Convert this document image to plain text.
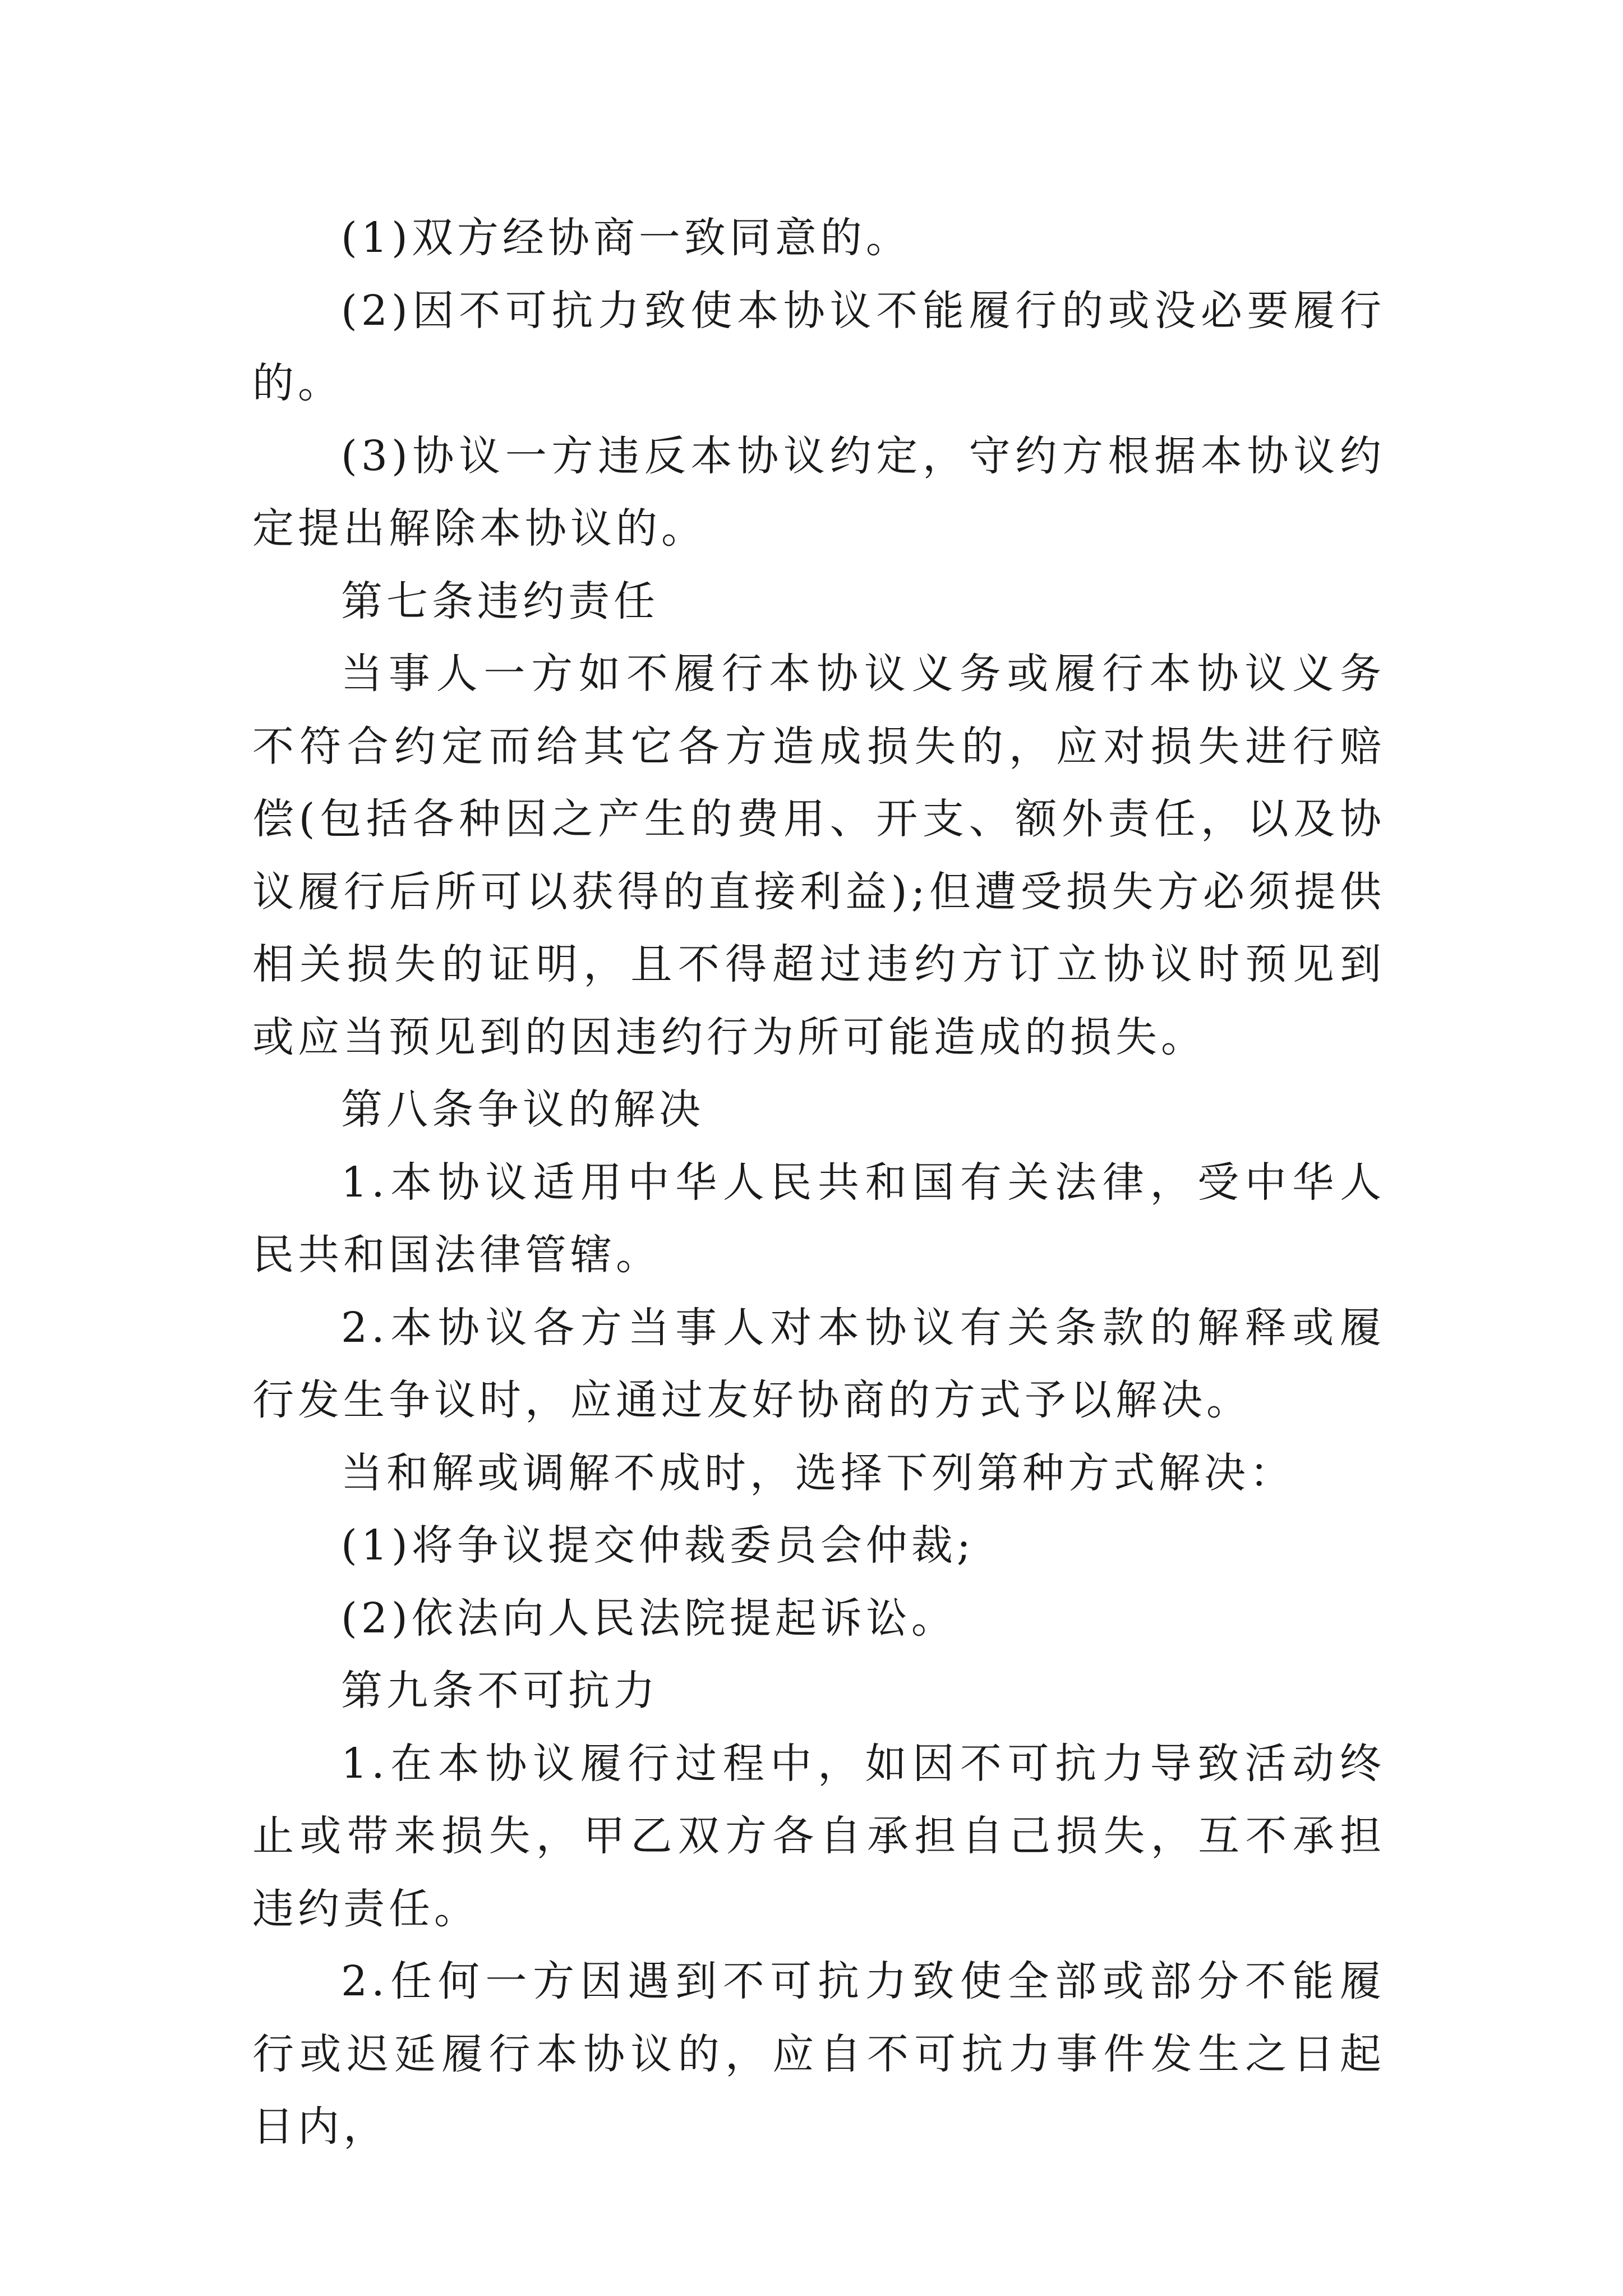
(1)双方经协商一致同意的。

(2)因不可抗力致使本协议不能履行的或没必要履行的。

(3)协议一方违反本协议约定，守约方根据本协议约定提出解除本协议的。

第七条违约责任

当事人一方如不履行本协议义务或履行本协议义务不符合约定而给其它各方造成损失的，应对损失进行赔偿(包括各种因之产生的费用、开支、额外责任，以及协议履行后所可以获得的直接利益);但遭受损失方必须提供相关损失的证明，且不得超过违约方订立协议时预见到或应当预见到的因违约行为所可能造成的损失。

第八条争议的解决

1.本协议适用中华人民共和国有关法律，受中华人民共和国法律管辖。

2.本协议各方当事人对本协议有关条款的解释或履行发生争议时，应通过友好协商的方式予以解决。

当和解或调解不成时，选择下列第种方式解决：

(1)将争议提交仲裁委员会仲裁;

(2)依法向人民法院提起诉讼。

第九条不可抗力

1.在本协议履行过程中，如因不可抗力导致活动终止或带来损失，甲乙双方各自承担自己损失，互不承担违约责任。

2.任何一方因遇到不可抗力致使全部或部分不能履行或迟延履行本协议的，应自不可抗力事件发生之日起日内，
